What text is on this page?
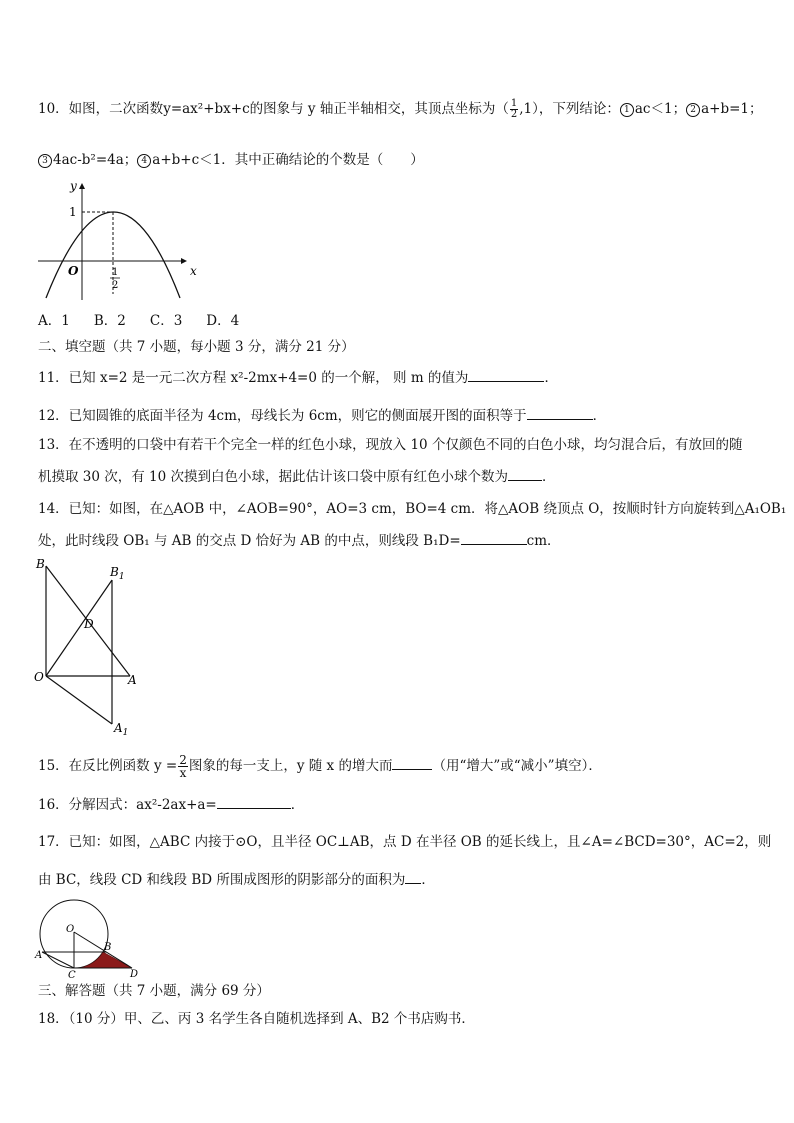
10．如图，二次函数y=ax²+bx+c的图象与 y 轴正半轴相交，其顶点坐标为（ $\frac{1}{2} ,1$），下列结论： 1 ac＜1； 2 a+b=1；
3 4ac-b²=4a； 4 a+b+c＜1．其中正确结论的个数是（　　）
y
x
O
1
1
2
A．1 B．2 C．3 D．4
二、填空题（共 7 小题，每小题 3 分，满分 21 分）
11．已知 x=2 是一元二次方程 x²-2mx+4=0 的一个解， 则 m 的值为	．
12．已知圆锥的底面半径为 4cm，母线长为 6cm，则它的侧面展开图的面积等于	．
13．在不透明的口袋中有若干个完全一样的红色小球，现放入 10 个仅颜色不同的白色小球，均匀混合后，有放回的随
机摸取 30 次，有 10 次摸到白色小球，据此估计该口袋中原有红色小球个数为	．
14．已知：如图，在△AOB 中，∠AOB=90°，AO=3 cm，BO=4 cm．将△AOB 绕顶点 O，按顺时针方向旋转到△A₁OB₁
处，此时线段 OB₁ 与 AB 的交点 D 恰好为 AB 的中点，则线段 B₁D=	cm．
B
$B_1$
D
O	A
$A_1$
15．在反比例函数 $y = \frac{2}{x}$ 图象的每一支上，y 随 x 的增大而	（用“增大”或“减小”填空）．
16．分解因式：ax²-2ax+a=	．
17．已知：如图，△ABC 内接于⊙O，且半径 OC⊥AB，点 D 在半径 OB 的延长线上，且∠A=∠BCD=30°，AC=2，则
由 BC，线段 CD 和线段 BD 所围成图形的阴影部分的面积为 ．
O
A
B
C	D
三、解答题（共 7 小题，满分 69 分）
18．（10 分）甲、乙、丙 3 名学生各自随机选择到 A、B2 个书店购书．
